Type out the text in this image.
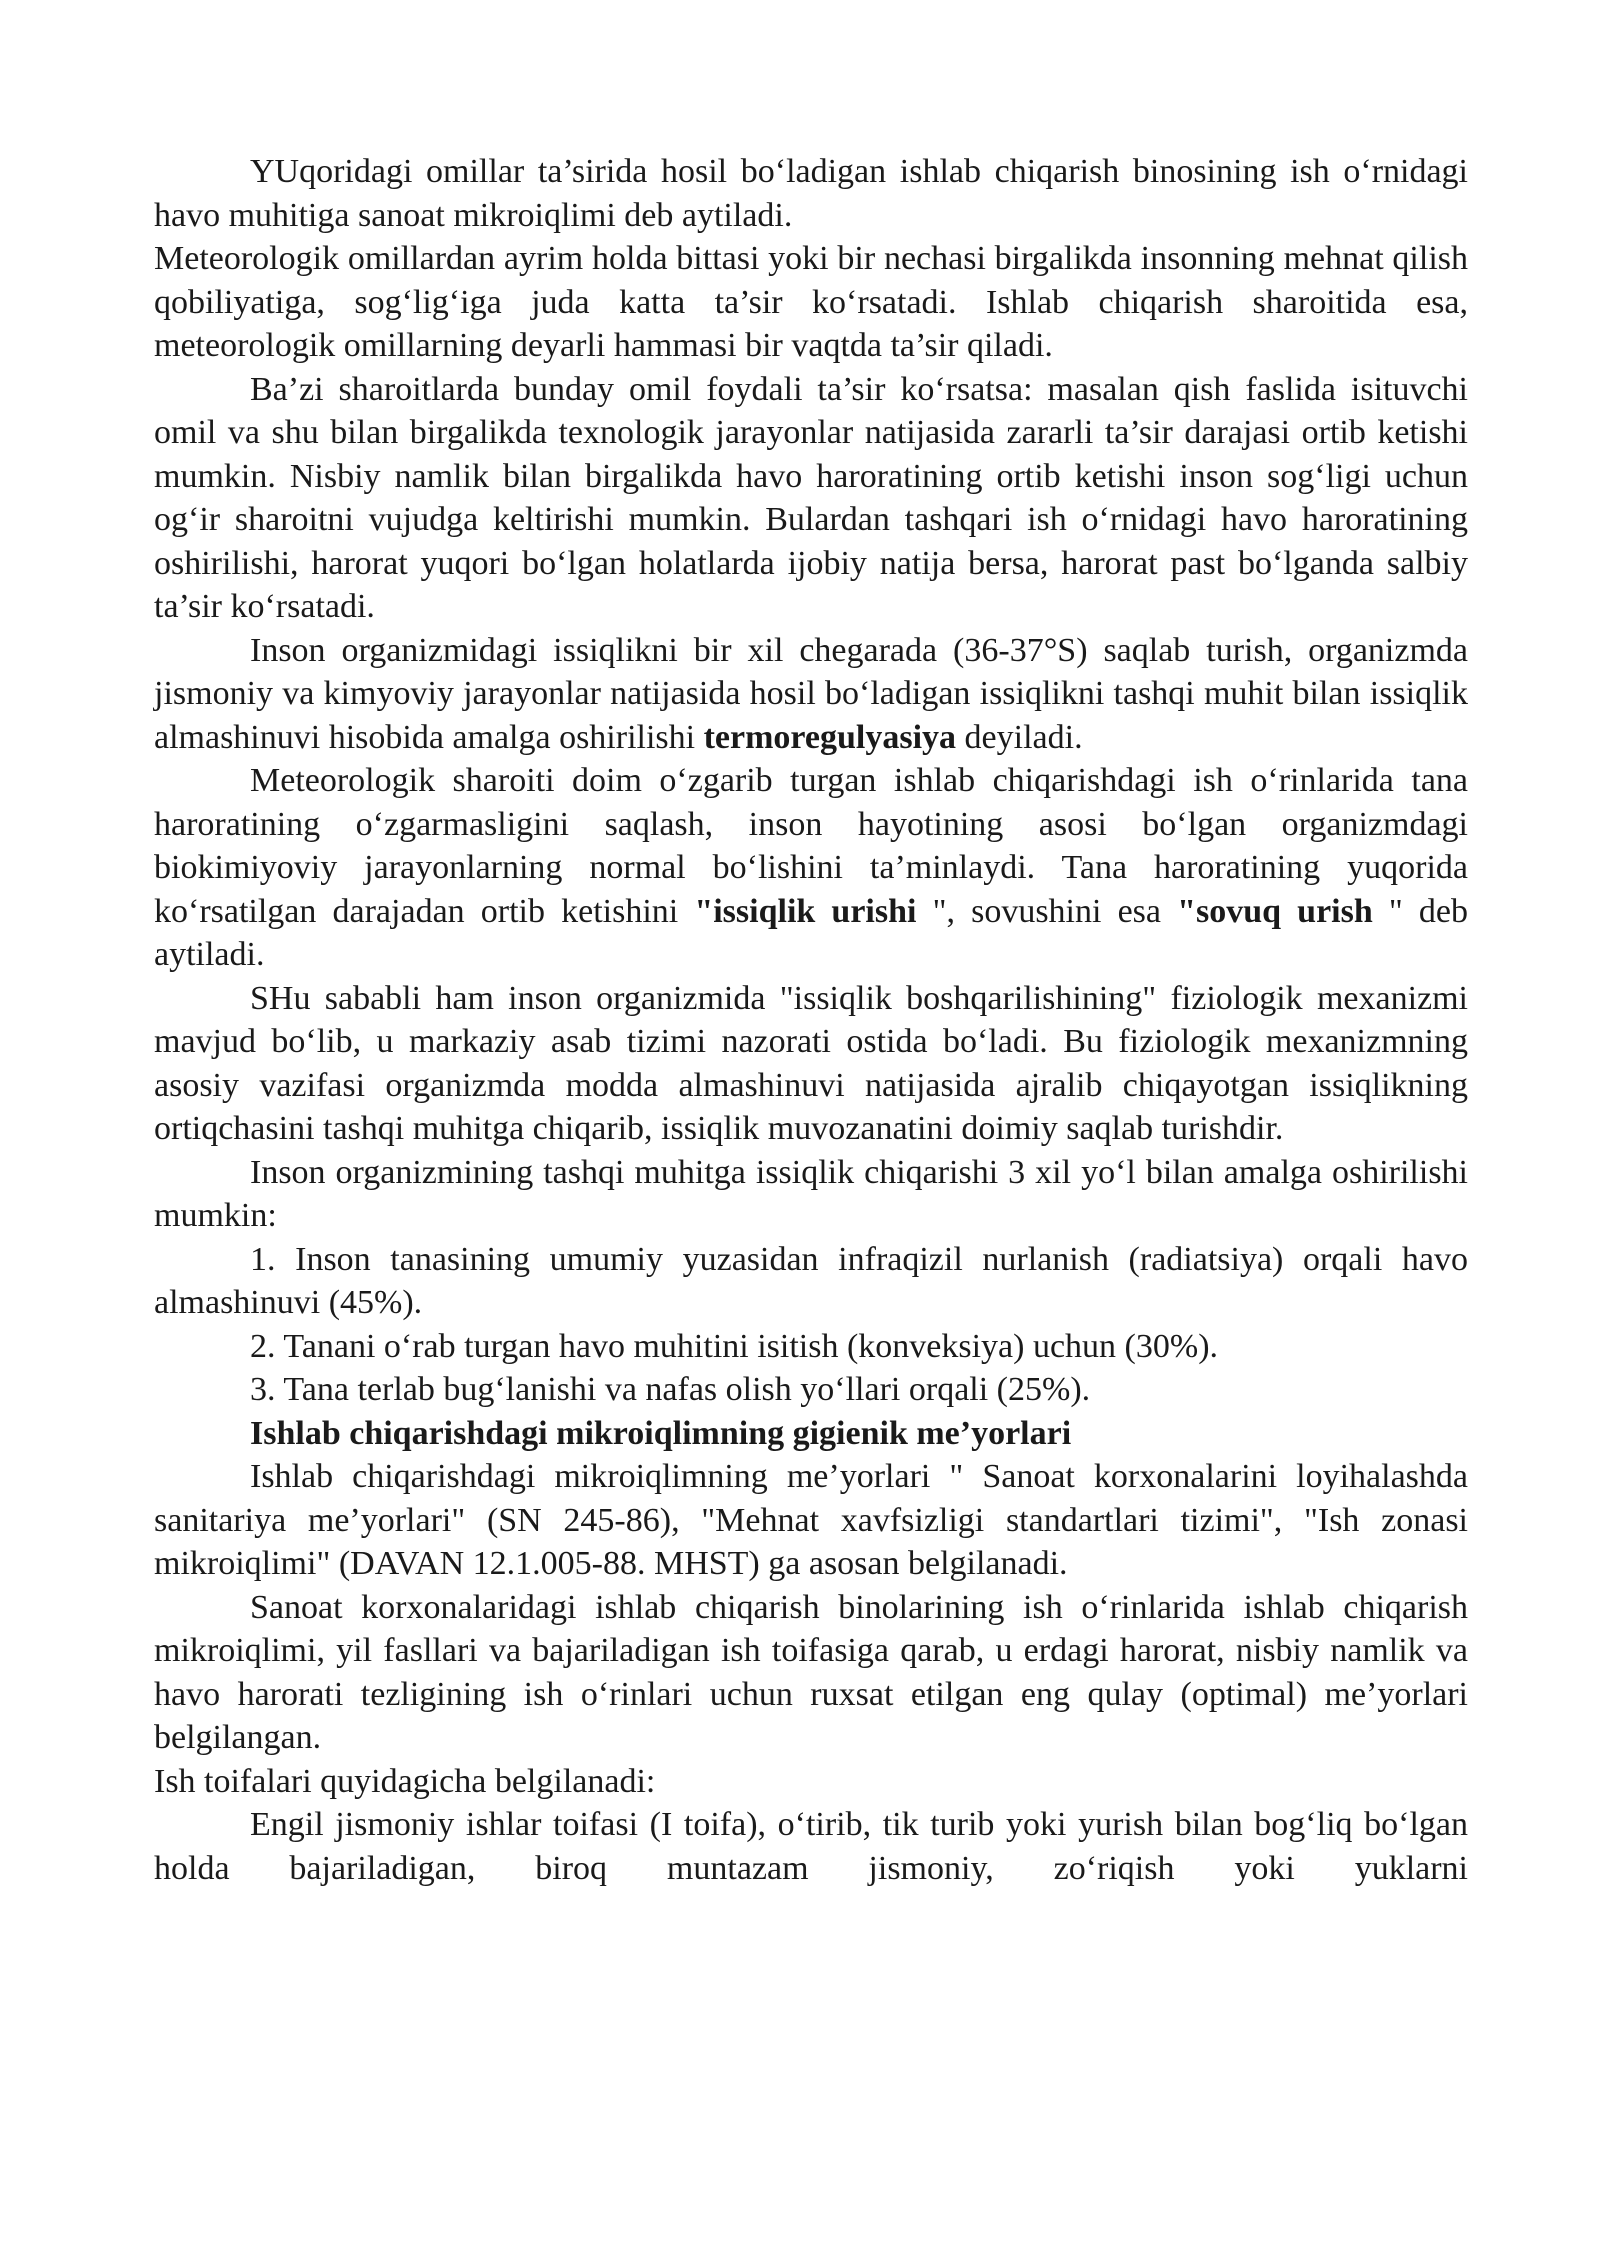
YUqoridagi omillar ta’sirida hosil bo‘ladigan ishlab chiqarish binosining ish o‘rnidagi havo muhitiga sanoat mikroiqlimi deb aytiladi.

Meteorologik omillardan ayrim holda bittasi yoki bir nechasi birgalikda insonning mehnat qilish qobiliyatiga, sog‘lig‘iga juda katta ta’sir ko‘rsatadi. Ishlab chiqarish sharoitida esa, meteorologik omillarning deyarli hammasi bir vaqtda ta’sir qiladi.

Ba’zi sharoitlarda bunday omil foydali ta’sir ko‘rsatsa: masalan qish faslida isituvchi omil va shu bilan birgalikda texnologik jarayonlar natijasida zararli ta’sir darajasi ortib ketishi mumkin. Nisbiy namlik bilan birgalikda havo haroratining ortib ketishi inson sog‘ligi uchun og‘ir sharoitni vujudga keltirishi mumkin. Bulardan tashqari ish o‘rnidagi havo haroratining oshirilishi, harorat yuqori bo‘lgan holatlarda ijobiy natija bersa, harorat past bo‘lganda salbiy ta’sir ko‘rsatadi.

Inson organizmidagi issiqlikni bir xil chegarada (36-37°S) saqlab turish, organizmda jismoniy va kimyoviy jarayonlar natijasida hosil bo‘ladigan issiqlikni tashqi muhit bilan issiqlik almashinuvi hisobida amalga oshirilishi termoregulyasiya deyiladi.

Meteorologik sharoiti doim o‘zgarib turgan ishlab chiqarishdagi ish o‘rinlarida tana haroratining o‘zgarmasligini saqlash, inson hayotining asosi bo‘lgan organizmdagi biokimiyoviy jarayonlarning normal bo‘lishini ta’minlaydi. Tana haroratining yuqorida ko‘rsatilgan darajadan ortib ketishini "issiqlik urishi ", sovushini esa "sovuq urish " deb aytiladi.

SHu sababli ham inson organizmida "issiqlik boshqarilishining" fiziologik mexanizmi mavjud bo‘lib, u markaziy asab tizimi nazorati ostida bo‘ladi. Bu fiziologik mexanizmning asosiy vazifasi organizmda modda almashinuvi natijasida ajralib chiqayotgan issiqlikning ortiqchasini tashqi muhitga chiqarib, issiqlik muvozanatini doimiy saqlab turishdir.

Inson organizmining tashqi muhitga issiqlik chiqarishi 3 xil yo‘l bilan amalga oshirilishi mumkin:

1. Inson tanasining umumiy yuzasidan infraqizil nurlanish (radiatsiya) orqali havo almashinuvi (45%).

2. Tanani o‘rab turgan havo muhitini isitish (konveksiya) uchun (30%).

3. Tana terlab bug‘lanishi va nafas olish yo‘llari orqali (25%).

Ishlab chiqarishdagi mikroiqlimning gigienik me’yorlari

Ishlab chiqarishdagi mikroiqlimning me’yorlari " Sanoat korxonalarini loyihalashda sanitariya me’yorlari" (SN 245-86), "Mehnat xavfsizligi standartlari tizimi", "Ish zonasi mikroiqlimi" (DAVAN 12.1.005-88. MHST) ga asosan belgilanadi.

Sanoat korxonalaridagi ishlab chiqarish binolarining ish o‘rinlarida ishlab chiqarish mikroiqlimi, yil fasllari va bajariladigan ish toifasiga qarab, u erdagi harorat, nisbiy namlik va havo harorati tezligining ish o‘rinlari uchun ruxsat etilgan eng qulay (optimal) me’yorlari belgilangan.

Ish toifalari quyidagicha belgilanadi:

Engil jismoniy ishlar toifasi (I toifa), o‘tirib, tik turib yoki yurish bilan bog‘liq bo‘lgan holda bajariladigan, biroq muntazam jismoniy, zo‘riqish yoki yuklarni
